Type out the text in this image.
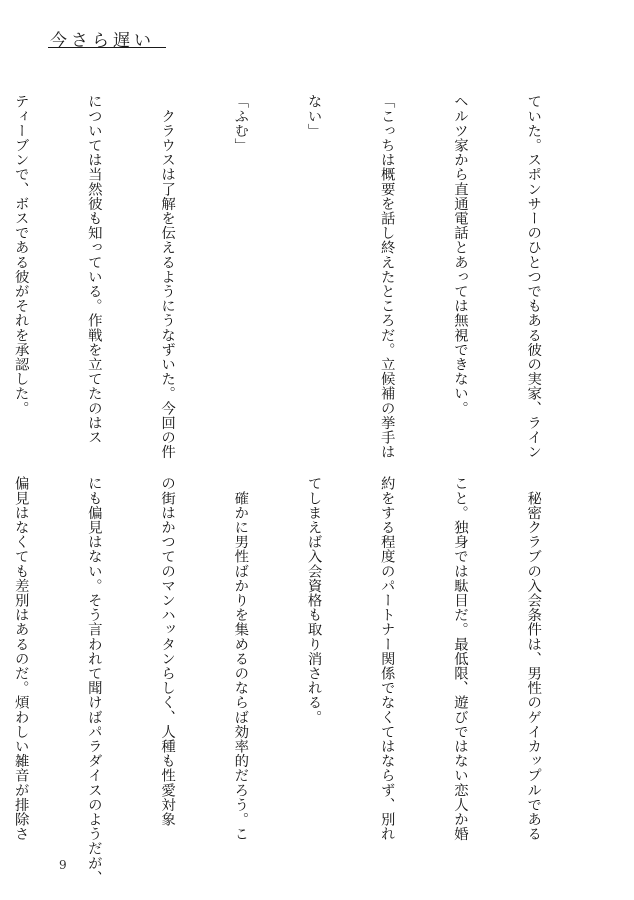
今さら遅い

ていた。スポンサーのひとつでもある彼の実家、ライン

ヘルツ家から直通電話とあっては無視できない。

「こっちは概要を話し終えたところだ。立候補の挙手は

ない」

「ふむ」

　クラウスは了解を伝えるようにうなずいた。今回の件

については当然彼も知っている。作戦を立てたのはス

ティーブンで、ボスである彼がそれを承認した。

　秘密クラブの入会条件は、男性のゲイカップルである

こと。独身では駄目だ。最低限、遊びではない恋人か婚

約をする程度のパートナー関係でなくてはならず、別れ

てしまえば入会資格も取り消される。

　確かに男性ばかりを集めるのならば効率的だろう。こ

の街はかつてのマンハッタンらしく、人種も性愛対象

にも偏見はない。そう言われて聞けばパラダイスのようだが、

偏見はなくても差別はあるのだ。煩わしい雑音が排除さ

9
